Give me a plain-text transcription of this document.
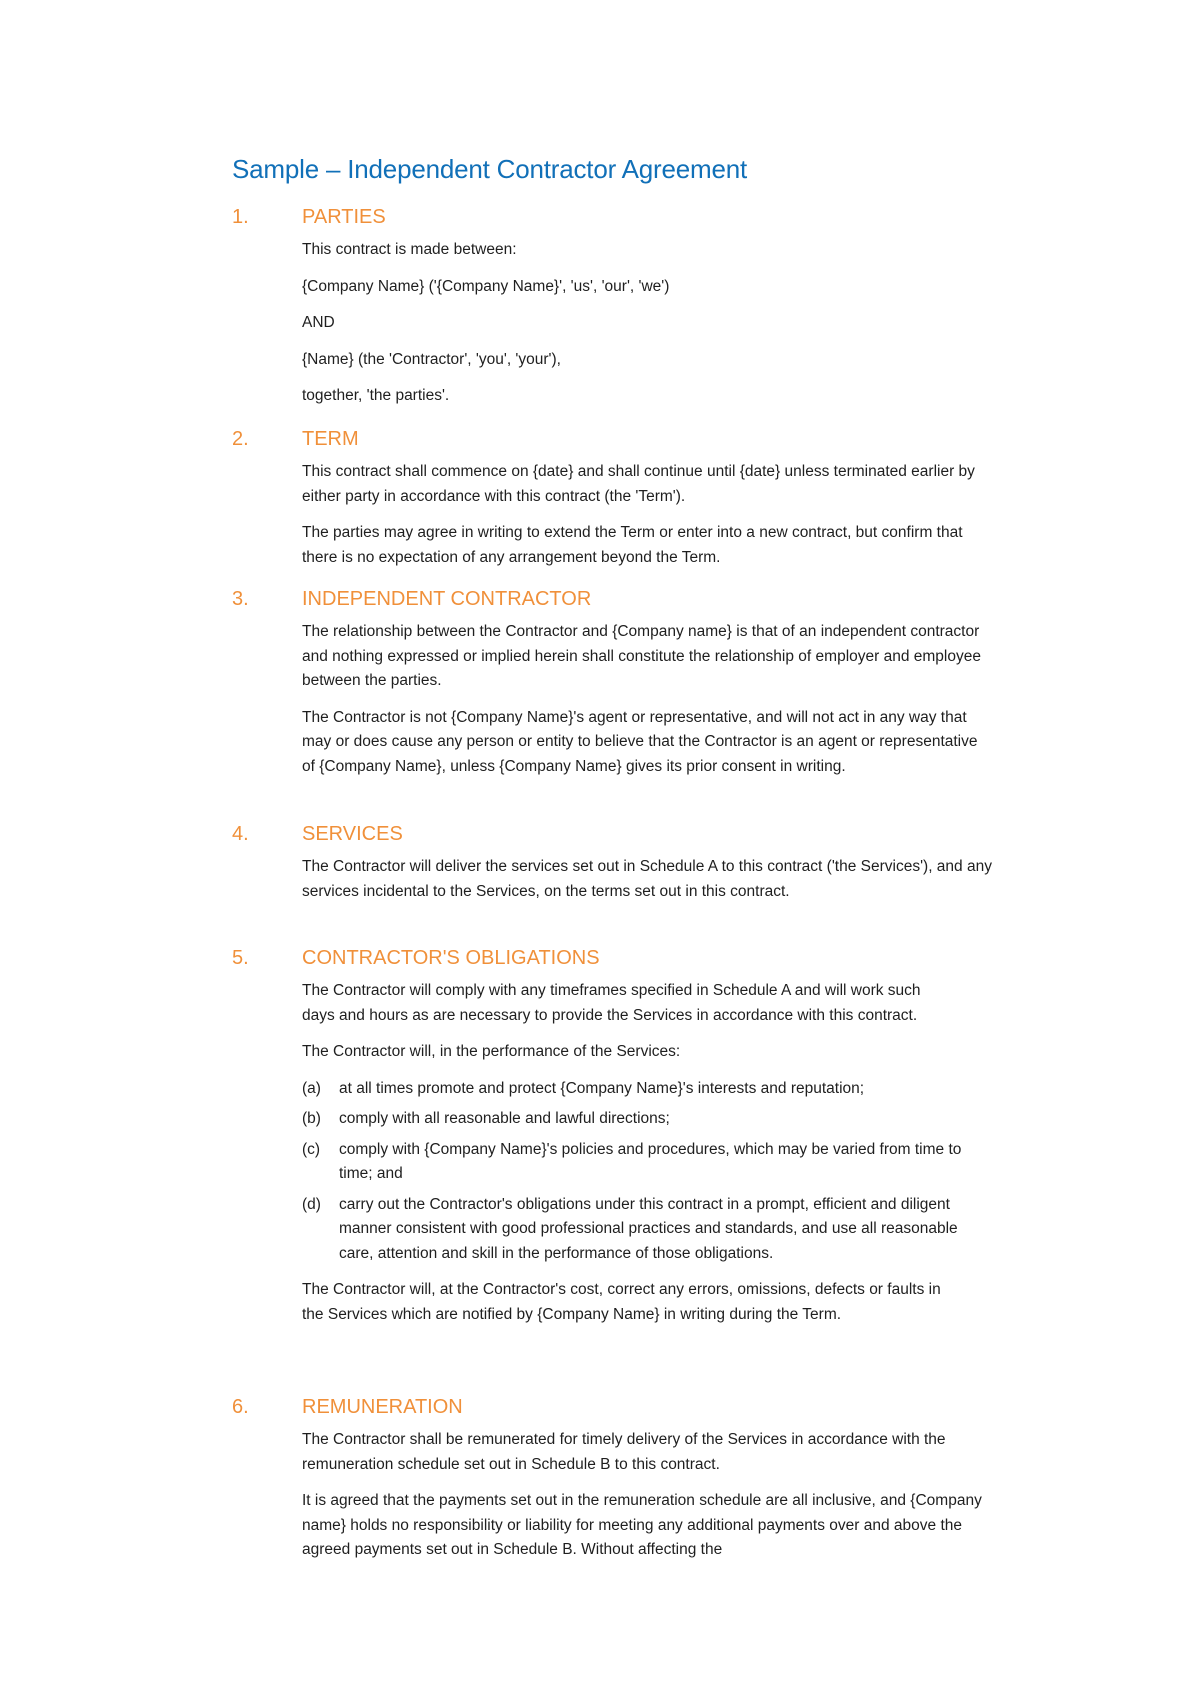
Sample – Independent Contractor Agreement
1.	PARTIES

This contract is made between:

{Company Name} ('{Company Name}', 'us', 'our', 'we')

AND

{Name} (the 'Contractor', 'you', 'your'),

together, 'the parties'.

2.	TERM

This contract shall commence on {date} and shall continue until {date} unless terminated earlier by either party in accordance with this contract (the 'Term').

The parties may agree in writing to extend the Term or enter into a new contract, but confirm that there is no expectation of any arrangement beyond the Term.

3.	INDEPENDENT CONTRACTOR

The relationship between the Contractor and {Company name} is that of an independent contractor and nothing expressed or implied herein shall constitute the relationship of employer and employee between the parties.

The Contractor is not {Company Name}'s agent or representative, and will not act in any way that may or does cause any person or entity to believe that the Contractor is an agent or representative of {Company Name}, unless {Company Name} gives its prior consent in writing.

4.	SERVICES

The Contractor will deliver the services set out in Schedule A to this contract ('the Services'), and any services incidental to the Services, on the terms set out in this contract.

5.	CONTRACTOR'S OBLIGATIONS

The Contractor will comply with any timeframes specified in Schedule A and will work such days and hours as are necessary to provide the Services in accordance with this contract.

The Contractor will, in the performance of the Services:

(a) at all times promote and protect {Company Name}'s interests and reputation;
(b) comply with all reasonable and lawful directions;
(c) comply with {Company Name}'s policies and procedures, which may be varied from time to time; and
(d) carry out the Contractor's obligations under this contract in a prompt, efficient and diligent manner consistent with good professional practices and standards, and use all reasonable care, attention and skill in the performance of those obligations.

The Contractor will, at the Contractor's cost, correct any errors, omissions, defects or faults in the Services which are notified by {Company Name} in writing during the Term.

6.	REMUNERATION

The Contractor shall be remunerated for timely delivery of the Services in accordance with the remuneration schedule set out in Schedule B to this contract.

It is agreed that the payments set out in the remuneration schedule are all inclusive, and {Company name} holds no responsibility or liability for meeting any additional payments over and above the agreed payments set out in Schedule B. Without affecting the
